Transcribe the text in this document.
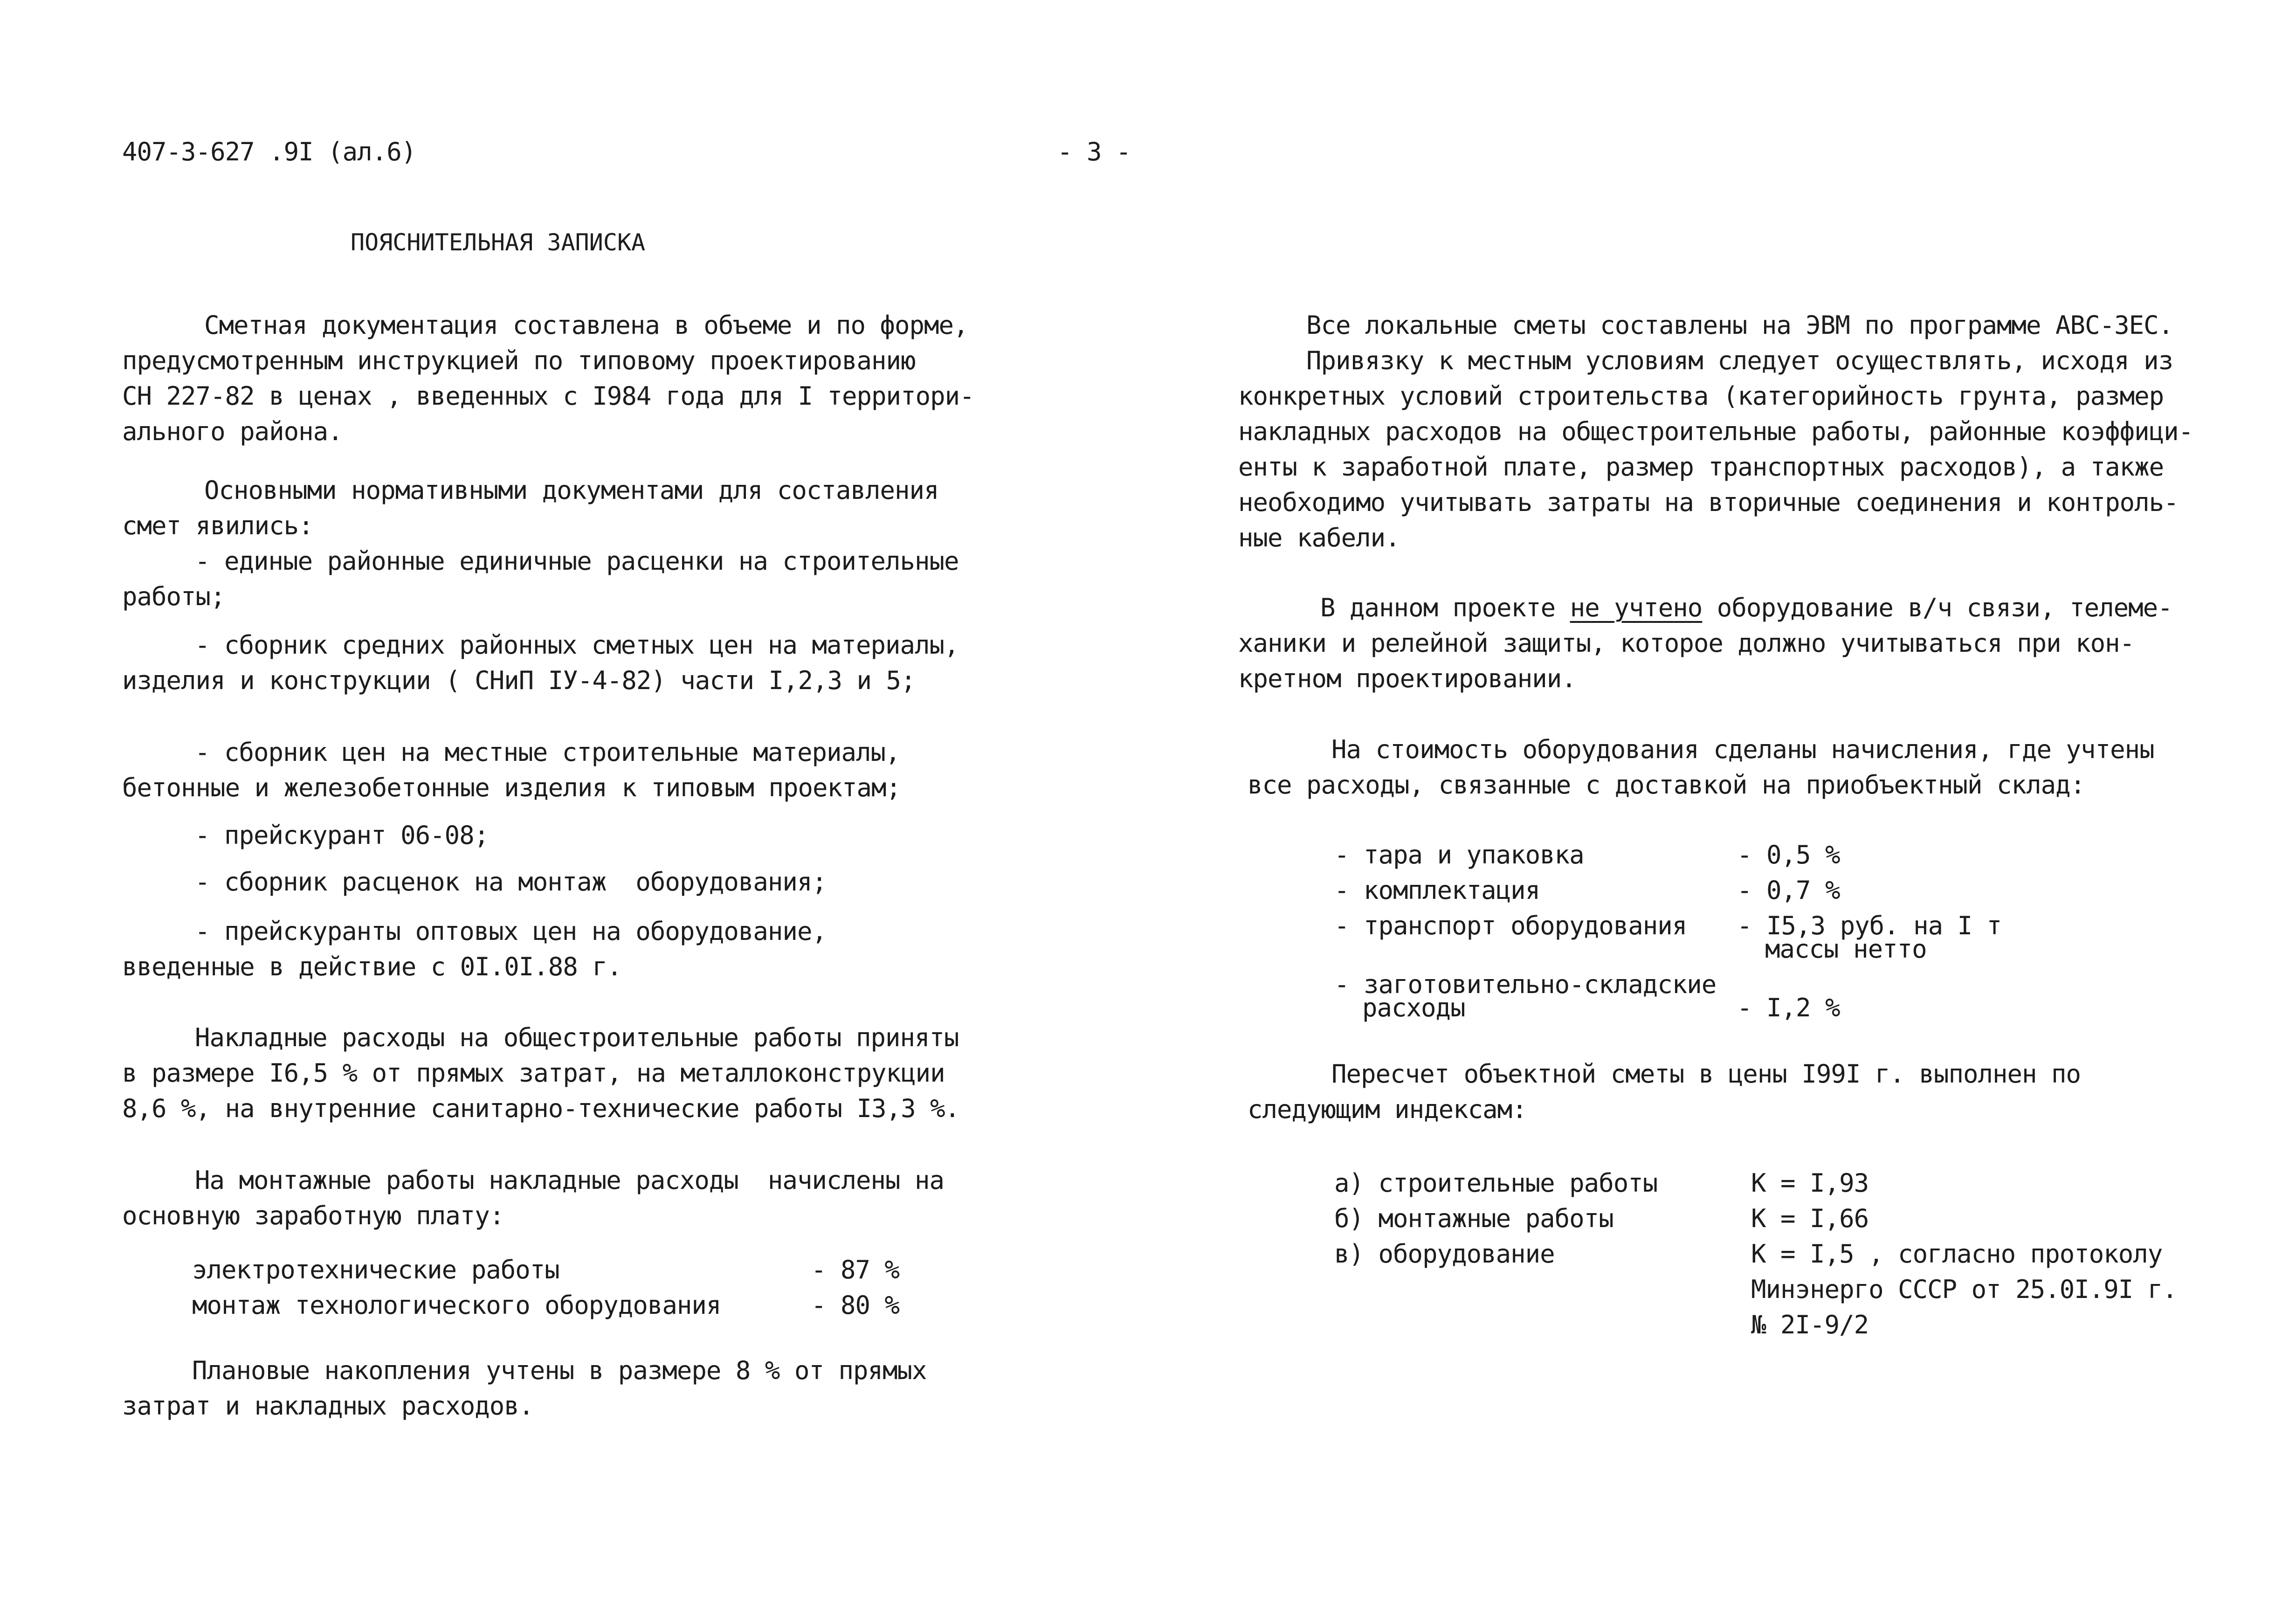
407-3-627 .9I (ал.6)	- 3 -
ПОЯСНИТЕЛЬНАЯ ЗАПИСКА
Сметная документация составлена в объеме и по форме,
предусмотренным инструкцией по типовому проектированию
СН 227-82 в ценах , введенных с I984 года для I территори-
ального района.
Основными нормативными документами для составления
смет явились:
- единые районные единичные расценки на строительные
работы;
- сборник средних районных сметных цен на материалы,
изделия и конструкции ( СНиП IУ-4-82) части I,2,3 и 5;
- сборник цен на местные строительные материалы,
бетонные и железобетонные изделия к типовым проектам;
- прейскурант 06-08;
- сборник расценок на монтаж  оборудования;
- прейскуранты оптовых цен на оборудование,
введенные в действие с 0I.0I.88 г.
Накладные расходы на общестроительные работы приняты
в размере I6,5 % от прямых затрат, на металлоконструкции
8,6 %, на внутренние санитарно-технические работы I3,3 %.
На монтажные работы накладные расходы  начислены на
основную заработную плату:
электротехнические работы	- 87 %
монтаж технологического оборудования	- 80 %
Плановые накопления учтены в размере 8 % от прямых
затрат и накладных расходов.
Все локальные сметы составлены на ЭВМ по программе АВС-3ЕС.
Привязку к местным условиям следует осуществлять, исходя из
конкретных условий строительства (категорийность грунта, размер
накладных расходов на общестроительные работы, районные коэффици-
енты к заработной плате, размер транспортных расходов), а также
необходимо учитывать затраты на вторичные соединения и контроль-
ные кабели.
В данном проекте не учтено оборудование в/ч связи, телеме-
ханики и релейной защиты, которое должно учитываться при кон-
кретном проектировании.
На стоимость оборудования сделаны начисления, где учтены
все расходы, связанные с доставкой на приобъектный склад:
- тара и упаковка	- 0,5 %
- комплектация	- 0,7 %
- транспорт оборудования - I5,3 руб. на I т
массы нетто
- заготовительно-складские
расходы	- I,2 %
Пересчет объектной сметы в цены I99I г. выполнен по
следующим индексам:
а) строительные работы	К = I,93
б) монтажные работы	К = I,66
в) оборудование	К = I,5 , согласно протоколу
Минэнерго СССР от 25.0I.9I г.
№ 2I-9/2
